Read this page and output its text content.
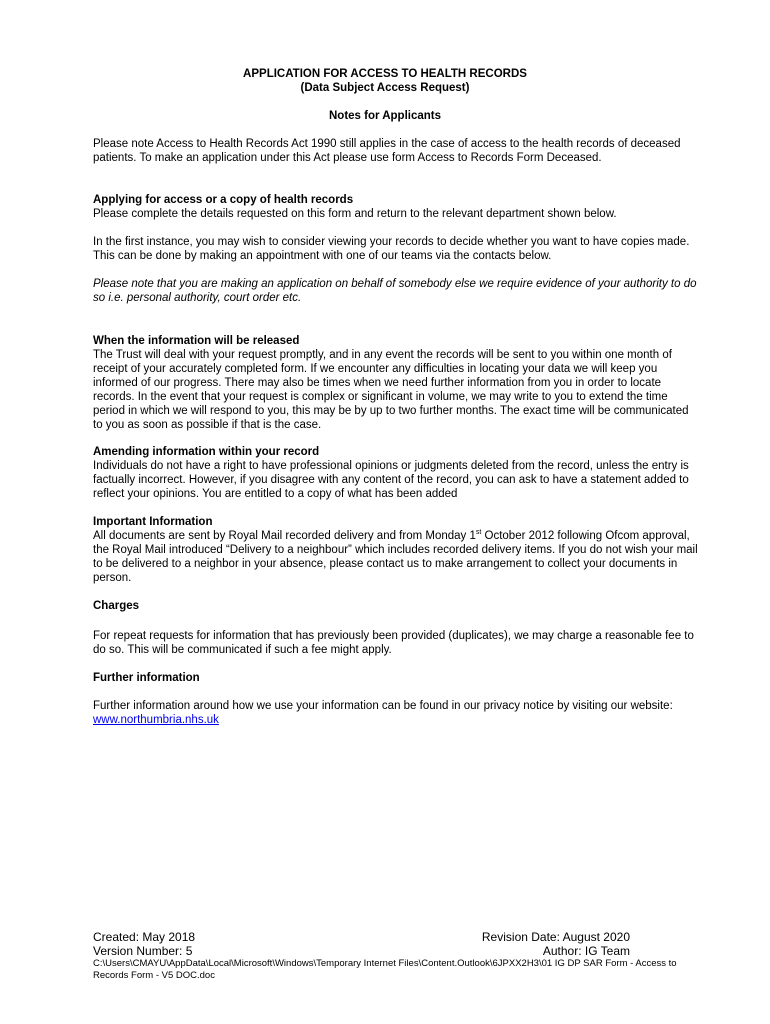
APPLICATION FOR ACCESS TO HEALTH RECORDS
(Data Subject Access Request)
Notes for Applicants

Please note Access to Health Records Act 1990 still applies in the case of access to the health records of deceased patients. To make an application under this Act please use form Access to Records Form Deceased.

Applying for access or a copy of health records

Please complete the details requested on this form and return to the relevant department shown below.

In the first instance, you may wish to consider viewing your records to decide whether you want to have copies made. This can be done by making an appointment with one of our teams via the contacts below.

Please note that you are making an application on behalf of somebody else we require evidence of your authority to do so i.e. personal authority, court order etc.

When the information will be released

The Trust will deal with your request promptly, and in any event the records will be sent to you within one month of receipt of your accurately completed form. If we encounter any difficulties in locating your data we will keep you informed of our progress. There may also be times when we need further information from you in order to locate records. In the event that your request is complex or significant in volume, we may write to you to extend the time period in which we will respond to you, this may be by up to two further months. The exact time will be communicated to you as soon as possible if that is the case.

Amending information within your record

Individuals do not have a right to have professional opinions or judgments deleted from the record, unless the entry is factually incorrect. However, if you disagree with any content of the record, you can ask to have a statement added to reflect your opinions. You are entitled to a copy of what has been added

Important Information

All documents are sent by Royal Mail recorded delivery and from Monday 1st October 2012 following Ofcom approval, the Royal Mail introduced “Delivery to a neighbour” which includes recorded delivery items. If you do not wish your mail to be delivered to a neighbor in your absence, please contact us to make arrangement to collect your documents in person.

Charges

For repeat requests for information that has previously been provided (duplicates), we may charge a reasonable fee to do so. This will be communicated if such a fee might apply.

Further information

Further information around how we use your information can be found in our privacy notice by visiting our website: www.northumbria.nhs.uk

Created: May 2018
Version Number: 5
Revision Date: August 2020
Author: IG Team
C:\Users\CMAYU\AppData\Local\Microsoft\Windows\Temporary Internet Files\Content.Outlook\6JPXX2H3\01 IG DP SAR Form - Access to Records Form - V5 DOC.doc
